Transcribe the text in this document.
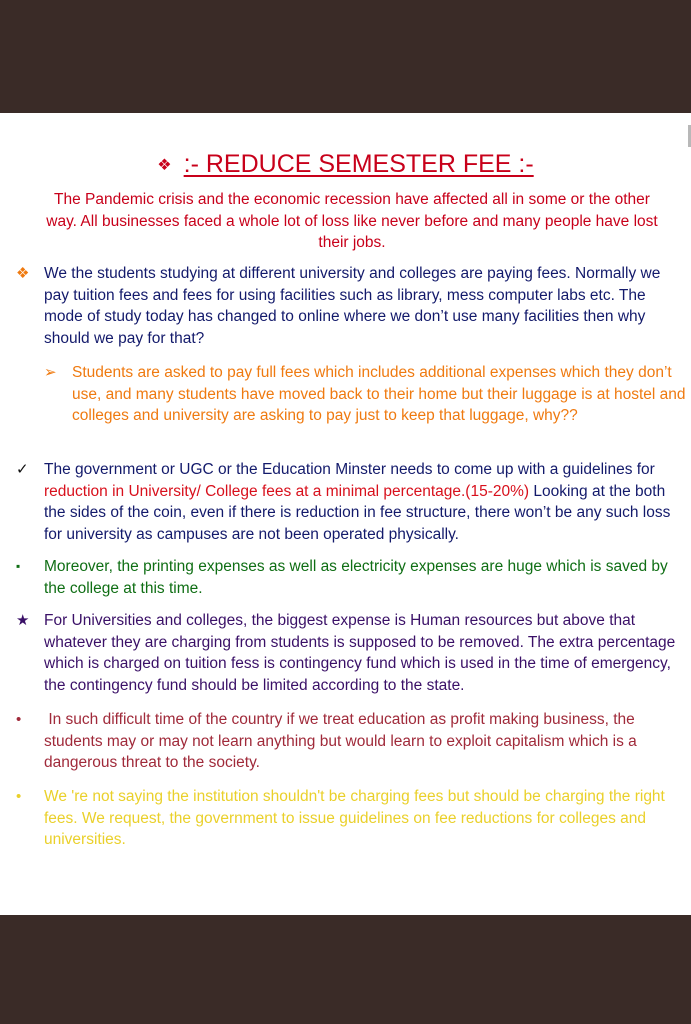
❖ :- REDUCE SEMESTER FEE :-
The Pandemic crisis and the economic recession have affected all in some or the other way. All businesses faced a whole lot of loss like never before and many people have lost their jobs.
❖ We the students studying at different university and colleges are paying fees. Normally we pay tuition fees and fees for using facilities such as library, mess computer labs etc. The mode of study today has changed to online where we don’t use many facilities then why should we pay for that?
➢ Students are asked to pay full fees which includes additional expenses which they don’t use, and many students have moved back to their home but their luggage is at hostel and colleges and university are asking to pay just to keep that luggage, why??
✓ The government or UGC or the Education Minster needs to come up with a guidelines for reduction in University/ College fees at a minimal percentage.(15-20%) Looking at the both the sides of the coin, even if there is reduction in fee structure, there won’t be any such loss for university as campuses are not been operated physically.
▪	Moreover, the printing expenses as well as electricity expenses are huge which is saved by the college at this time.
★ For Universities and colleges, the biggest expense is Human resources but above that whatever they are charging from students is supposed to be removed. The extra percentage which is charged on tuition fess is contingency fund which is used in the time of emergency, the contingency fund should be limited according to the state.
•	In such difficult time of the country if we treat education as profit making business, the students may or may not learn anything but would learn to exploit capitalism which is a dangerous threat to the society.
•	We 're not saying the institution shouldn't be charging fees but should be charging the right fees. We request, the government to issue guidelines on fee reductions for colleges and universities.
